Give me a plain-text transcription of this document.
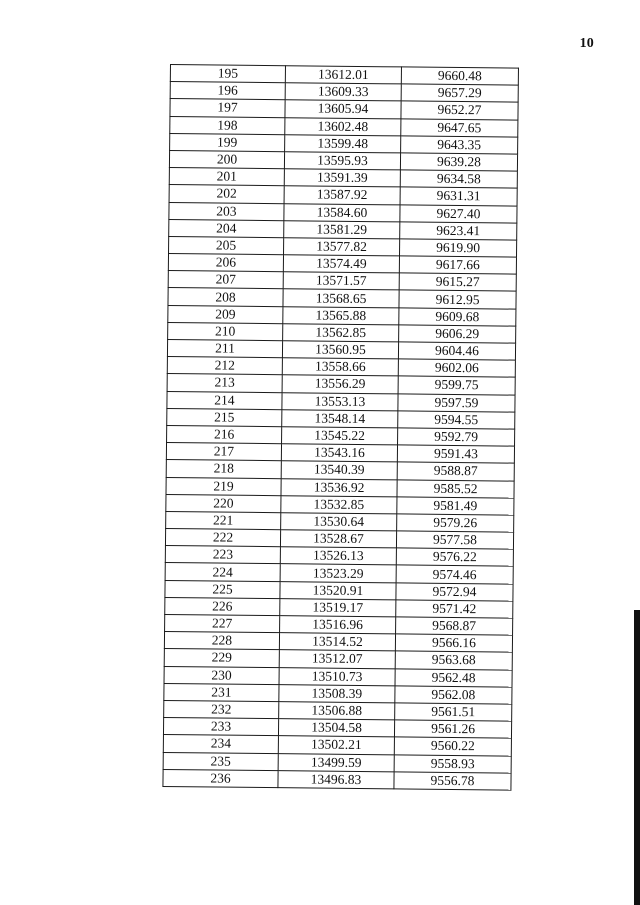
10
195	13612.01	9660.48
196	13609.33	9657.29
197	13605.94	9652.27
198	13602.48	9647.65
199	13599.48	9643.35
200	13595.93	9639.28
201	13591.39	9634.58
202	13587.92	9631.31
203	13584.60	9627.40
204	13581.29	9623.41
205	13577.82	9619.90
206	13574.49	9617.66
207	13571.57	9615.27
208	13568.65	9612.95
209	13565.88	9609.68
210	13562.85	9606.29
211	13560.95	9604.46
212	13558.66	9602.06
213	13556.29	9599.75
214	13553.13	9597.59
215	13548.14	9594.55
216	13545.22	9592.79
217	13543.16	9591.43
218	13540.39	9588.87
219	13536.92	9585.52
220	13532.85	9581.49
221	13530.64	9579.26
222	13528.67	9577.58
223	13526.13	9576.22
224	13523.29	9574.46
225	13520.91	9572.94
226	13519.17	9571.42
227	13516.96	9568.87
228	13514.52	9566.16
229	13512.07	9563.68
230	13510.73	9562.48
231	13508.39	9562.08
232	13506.88	9561.51
233	13504.58	9561.26
234	13502.21	9560.22
235	13499.59	9558.93
236	13496.83	9556.78
